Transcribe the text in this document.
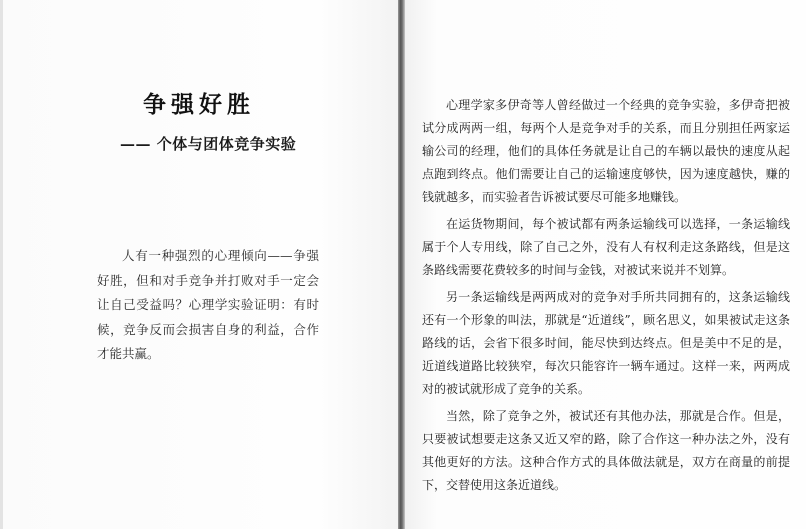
争强好胜
—— 个体与团体竞争实验

人有一种强烈的心理倾向——争强好胜，但和对手竞争并打败对手一定会让自己受益吗？心理学实验证明：有时候，竞争反而会损害自身的利益，合作才能共赢。

心理学家多伊奇等人曾经做过一个经典的竞争实验，多伊奇把被试分成两两一组，每两个人是竞争对手的关系，而且分别担任两家运输公司的经理，他们的具体任务就是让自己的车辆以最快的速度从起点跑到终点。他们需要让自己的运输速度够快，因为速度越快，赚的钱就越多，而实验者告诉被试要尽可能多地赚钱。

在运货物期间，每个被试都有两条运输线可以选择，一条运输线属于个人专用线，除了自己之外，没有人有权利走这条路线，但是这条路线需要花费较多的时间与金钱，对被试来说并不划算。

另一条运输线是两两成对的竞争对手所共同拥有的，这条运输线还有一个形象的叫法，那就是“近道线”，顾名思义，如果被试走这条路线的话，会省下很多时间，能尽快到达终点。但是美中不足的是，近道线道路比较狭窄，每次只能容许一辆车通过。这样一来，两两成对的被试就形成了竞争的关系。

当然，除了竞争之外，被试还有其他办法，那就是合作。但是，只要被试想要走这条又近又窄的路，除了合作这一种办法之外，没有其他更好的方法。这种合作方式的具体做法就是，双方在商量的前提下，交替使用这条近道线。
